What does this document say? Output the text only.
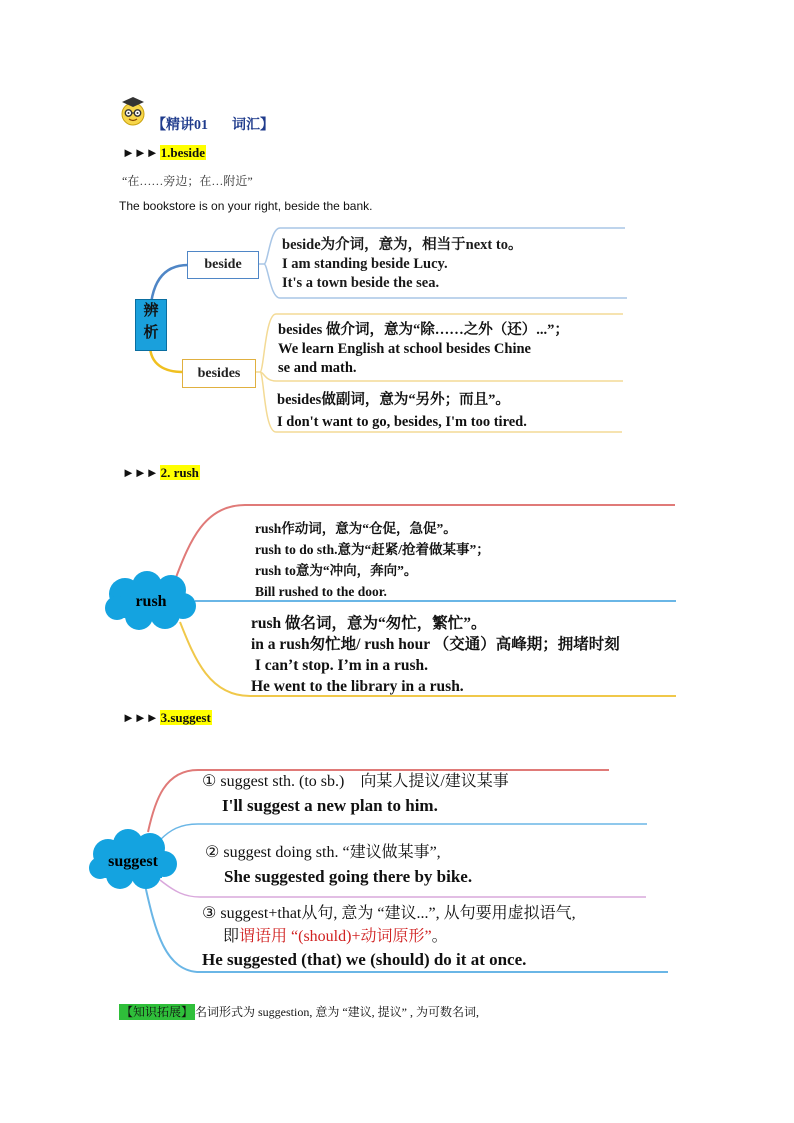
【精讲01 词汇】
►►► 1.beside
“在……旁边；在…附近”
The bookstore is on your right, beside the bank.
辨
析
beside
besides
beside为介词，意为，相当于next to。
I am standing beside Lucy.
It's a town beside the sea.
besides 做介词，意为“除……之外（还）...”；
We learn English at school besides Chine
se and math.
besides做副词，意为“另外；而且”。
I don't want to go, besides, I'm too tired.
►►► 2. rush
rush
rush作动词，意为“仓促，急促”。
rush to do sth.意为“赶紧/抢着做某事”；
rush to意为“冲向，奔向”。
Bill rushed to the door.
rush 做名词，意为“匆忙，繁忙”。
in a rush匆忙地/ rush hour （交通）高峰期；拥堵时刻
I can’t stop. I’m in a rush.
He went to the library in a rush.
►►► 3.suggest
suggest
① suggest sth. (to sb.)    向某人提议/建议某事
I'll suggest a new plan to him.
② suggest doing sth. “建议做某事”,
She suggested going there by bike.
③ suggest+that从句, 意为 “建议...”, 从句要用虚拟语气,
即谓语用 “(should)+动词原形”。
He suggested (that) we (should) do it at once.
【知识拓展】 名词形式为 suggestion, 意为 “建议, 提议” , 为可数名词,
